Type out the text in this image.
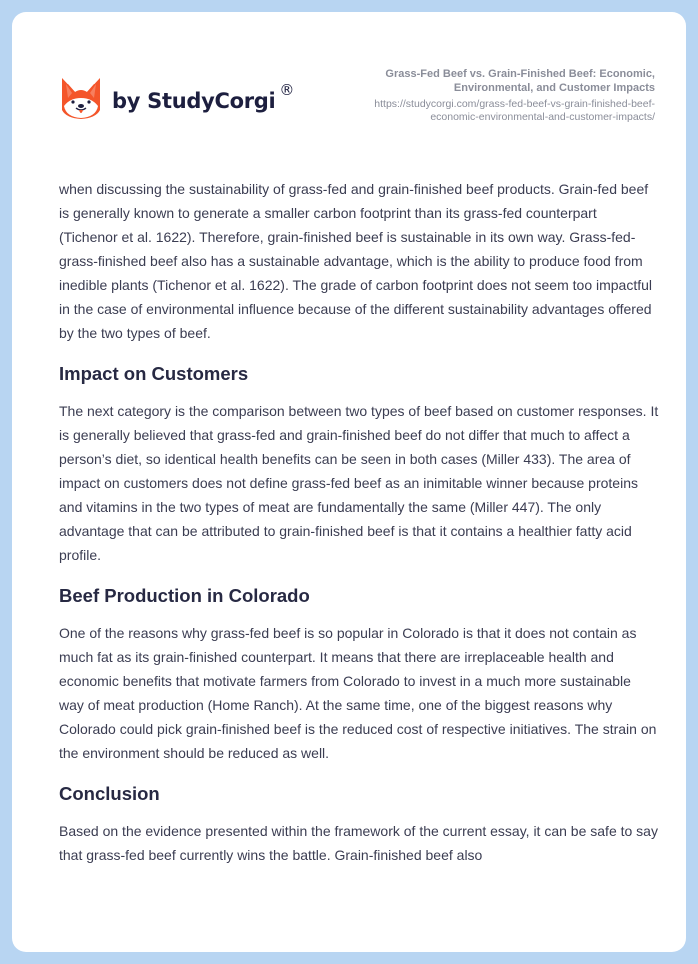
by StudyCorgi ®
Grass-Fed Beef vs. Grain-Finished Beef: Economic,
Environmental, and Customer Impacts
https://studycorgi.com/grass-fed-beef-vs-grain-finished-beef-
economic-environmental-and-customer-impacts/

when discussing the sustainability of grass-fed and grain-finished beef products. Grain-fed beef is generally known to generate a smaller carbon footprint than its grass-fed counterpart (Tichenor et al. 1622). Therefore, grain-finished beef is sustainable in its own way. Grass-fed-grass-finished beef also has a sustainable advantage, which is the ability to produce food from inedible plants (Tichenor et al. 1622). The grade of carbon footprint does not seem too impactful in the case of environmental influence because of the different sustainability advantages offered by the two types of beef.

Impact on Customers

The next category is the comparison between two types of beef based on customer responses. It is generally believed that grass-fed and grain-finished beef do not differ that much to affect a person’s diet, so identical health benefits can be seen in both cases (Miller 433). The area of impact on customers does not define grass-fed beef as an inimitable winner because proteins and vitamins in the two types of meat are fundamentally the same (Miller 447). The only advantage that can be attributed to grain-finished beef is that it contains a healthier fatty acid profile.

Beef Production in Colorado

One of the reasons why grass-fed beef is so popular in Colorado is that it does not contain as much fat as its grain-finished counterpart. It means that there are irreplaceable health and economic benefits that motivate farmers from Colorado to invest in a much more sustainable way of meat production (Home Ranch). At the same time, one of the biggest reasons why Colorado could pick grain-finished beef is the reduced cost of respective initiatives. The strain on the environment should be reduced as well.

Conclusion

Based on the evidence presented within the framework of the current essay, it can be safe to say that grass-fed beef currently wins the battle. Grain-finished beef also
